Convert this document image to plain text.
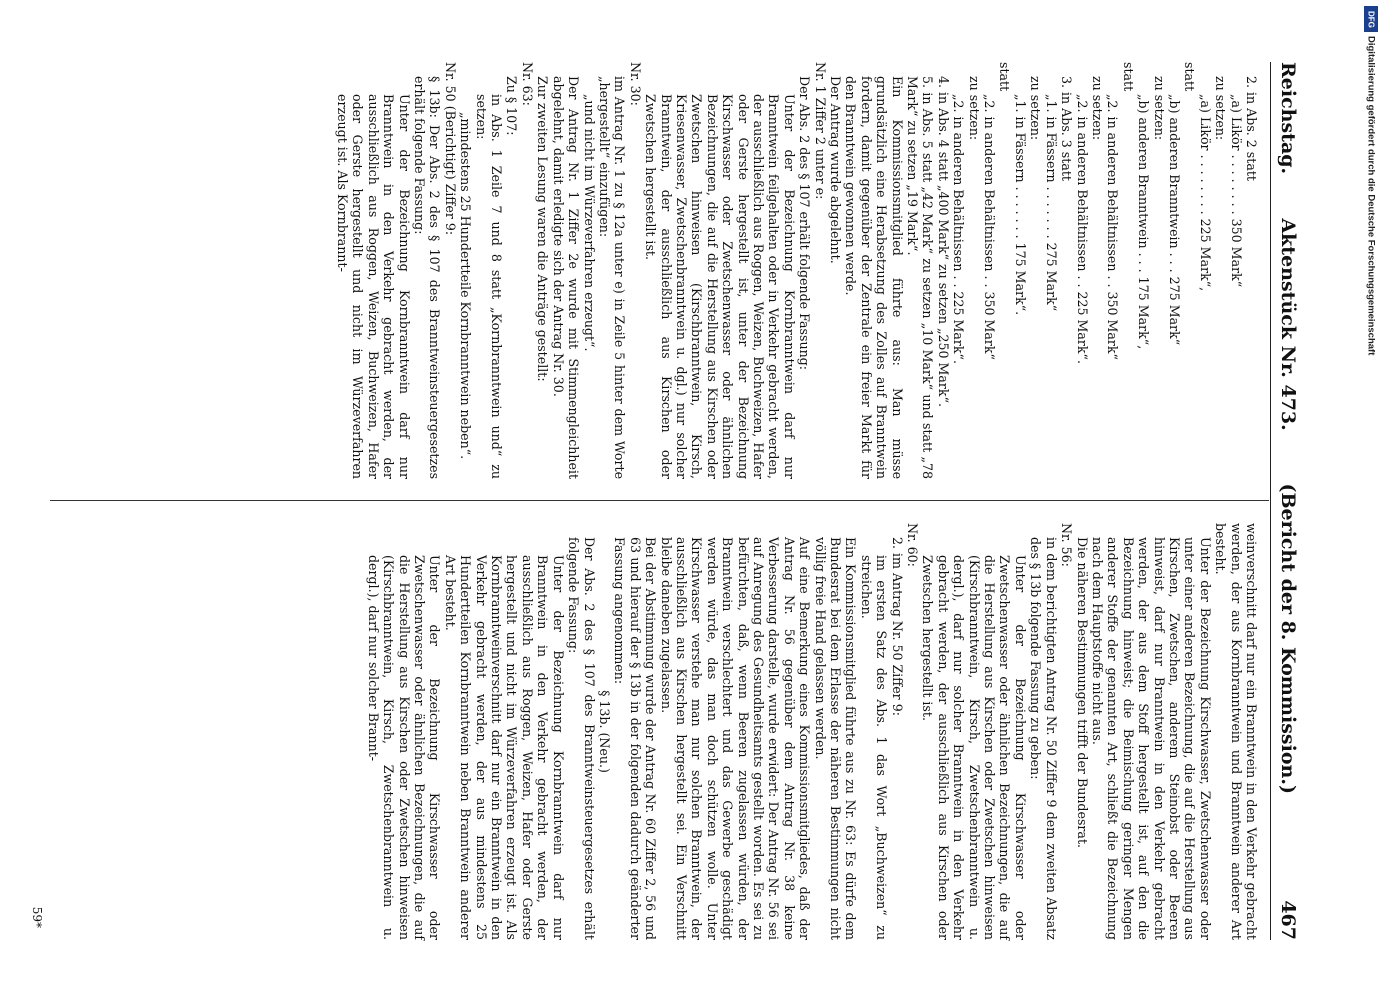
Reichstag.
Aktenstück Nr. 473.
(Bericht der 8. Kommission.)
467

2. in Abs. 2 statt

„a) Likör . . . . . . . . 350 Mark“

zu setzen:

„a) Likör . . . . . . . . 225 Mark“,

statt

„b) anderen Branntwein . . . 275 Mark“

zu setzen:

„b) anderen Branntwein . . . 175 Mark“,

statt

„2. in anderen Behältnissen . . 350 Mark“

zu setzen:

„2. in anderen Behältnissen . . 225 Mark“.

3. in Abs. 3 statt

„1. in Fässern . . . . . . . 275 Mark“

zu setzen:

„1. in Fässern . . . . . . . 175 Mark“.

statt

„2. in anderen Behältnissen . . 350 Mark“

zu setzen:

„2. in anderen Behältnissen . . 225 Mark“.

4. in Abs. 4 statt „400 Mark“ zu setzen „250 Mark“.

5. in Abs. 5 statt „42 Mark“ zu setzen „10 Mark“ und statt „78 Mark“ zu setzen „19 Mark“.

Ein Kommissionsmitglied führte aus: Man müsse grundsätzlich eine Herabsetzung des Zolles auf Branntwein fordern, damit gegenüber der Zentrale ein freier Markt für den Branntwein gewonnen werde.

Der Antrag wurde abgelehnt.

Nr. 1 Ziffer 2 unter e:

Der Abs. 2 des § 107 erhält folgende Fassung:

Unter der Bezeichnung Kornbranntwein darf nur Branntwein feilgehalten oder in Verkehr gebracht werden, der ausschließlich aus Roggen, Weizen, Buchweizen, Hafer oder Gerste hergestellt ist, unter der Bezeichnung Kirschwasser oder Zwetschenwasser oder ähnlichen Bezeichnungen, die auf die Herstellung aus Kirschen oder Zwetschen hinweisen (Kirschbranntwein, Kirsch, Kriesenwasser, Zwetschenbranntwein u. dgl.) nur solcher Branntwein, der ausschließlich aus Kirschen oder Zwetschen hergestellt ist.

Nr. 30:

im Antrag Nr. 1 zu § 12a unter e) in Zeile 5 hinter dem Worte „hergestellt“ einzufügen:

„und nicht im Würzeverfahren erzeugt“.

Der Antrag Nr. 1 Ziffer 2e wurde mit Stimmengleichheit abgelehnt, damit erledigte sich der Antrag Nr. 30.

Zur zweiten Lesung waren die Anträge gestellt:

Nr. 63:

Zu § 107:

in Abs. 1 Zeile 7 und 8 statt „Kornbranntwein und“ zu setzen:

„mindestens 25 Hundertteile Kornbranntwein neben“.

Nr. 50 (Berichtigt) Ziffer 9:

§ 13b: Der Abs. 2 des § 107 des Branntweinsteuergesetzes erhält folgende Fassung:

Unter der Bezeichnung Kornbranntwein darf nur Branntwein in den Verkehr gebracht werden, der ausschließlich aus Roggen, Weizen, Buchweizen, Hafer oder Gerste hergestellt und nicht im Würzeverfahren erzeugt ist. Als Kornbrannt-

weinverschnitt darf nur ein Branntwein in den Verkehr gebracht werden, der aus Kornbranntwein und Branntwein anderer Art besteht.

Unter der Bezeichnung Kirschwasser, Zwetschenwasser oder unter einer anderen Bezeichnung, die auf die Herstellung aus Kirschen, Zwetschen, anderem Steinobst oder Beeren hinweist, darf nur Branntwein in den Verkehr gebracht werden, der aus dem Stoff hergestellt ist, auf den die Bezeichnung hinweist; die Beimischung geringer Mengen anderer Stoffe der genannten Art, schließt die Bezeichnung nach dem Hauptstoffe nicht aus.

Die näheren Bestimmungen trifft der Bundesrat.

Nr. 56:

in dem berichtigten Antrag Nr. 50 Ziffer 9 dem zweiten Absatz des § 13b folgende Fassung zu geben:

Unter der Bezeichnung Kirschwasser oder Zwetschenwasser oder ähnlichen Bezeichnungen, die auf die Herstellung aus Kirschen oder Zwetschen hinweisen (Kirschbranntwein, Kirsch, Zwetschenbranntwein u. dergl.), darf nur solcher Branntwein in den Verkehr gebracht werden, der ausschließlich aus Kirschen oder Zwetschen hergestellt ist.

Nr. 60:

2. im Antrag Nr. 50 Ziffer 9:

im ersten Satz des Abs. 1 das Wort „Buchweizen“ zu streichen.

Ein Kommissionsmitglied führte aus zu Nr. 63: Es dürfe dem Bundesrat bei dem Erlasse der näheren Bestimmungen nicht völlig freie Hand gelassen werden.

Auf eine Bemerkung eines Kommissionsmitgliedes, daß der Antrag Nr. 56 gegenüber dem Antrag Nr. 38 keine Verbesserung darstelle, wurde erwidert: Der Antrag Nr. 56 sei auf Anregung des Gesundheitsamts gestellt worden. Es sei zu befürchten, daß, wenn Beeren zugelassen würden, der Branntwein verschlechtert und das Gewerbe geschädigt werden würde, das man doch schützen wolle. Unter Kirschwasser verstehe man nur solchen Branntwein, der ausschließlich aus Kirschen hergestellt sei. Ein Verschnitt bleibe daneben zugelassen.

Bei der Abstimmung wurde der Antrag Nr. 60 Ziffer 2, 56 und 63 und hierauf der § 13b in der folgenden dadurch geänderter Fassung angenommen:

§ 13b. (Neu.)

Der Abs. 2 des § 107 des Branntweinsteuergesetzes erhält folgende Fassung:

Unter der Bezeichnung Kornbranntwein darf nur Branntwein in den Verkehr gebracht werden, der ausschließlich aus Roggen, Weizen, Hafer oder Gerste hergestellt und nicht im Würzeverfahren erzeugt ist. Als Kornbranntweinverschnitt darf nur ein Branntwein in den Verkehr gebracht werden, der aus mindestens 25 Hundertteilen Kornbranntwein neben Branntwein anderer Art besteht.

Unter der Bezeichnung Kirschwasser oder Zwetschenwasser oder ähnlichen Bezeichnungen, die auf die Herstellung aus Kirschen oder Zwetschen hinweisen (Kirschbranntwein, Kirsch, Zwetschenbranntwein u. dergl.), darf nur solcher Brannt-

59*
DFG
Digitalisierung gefördert durch die Deutsche Forschungsgemeinschaft
